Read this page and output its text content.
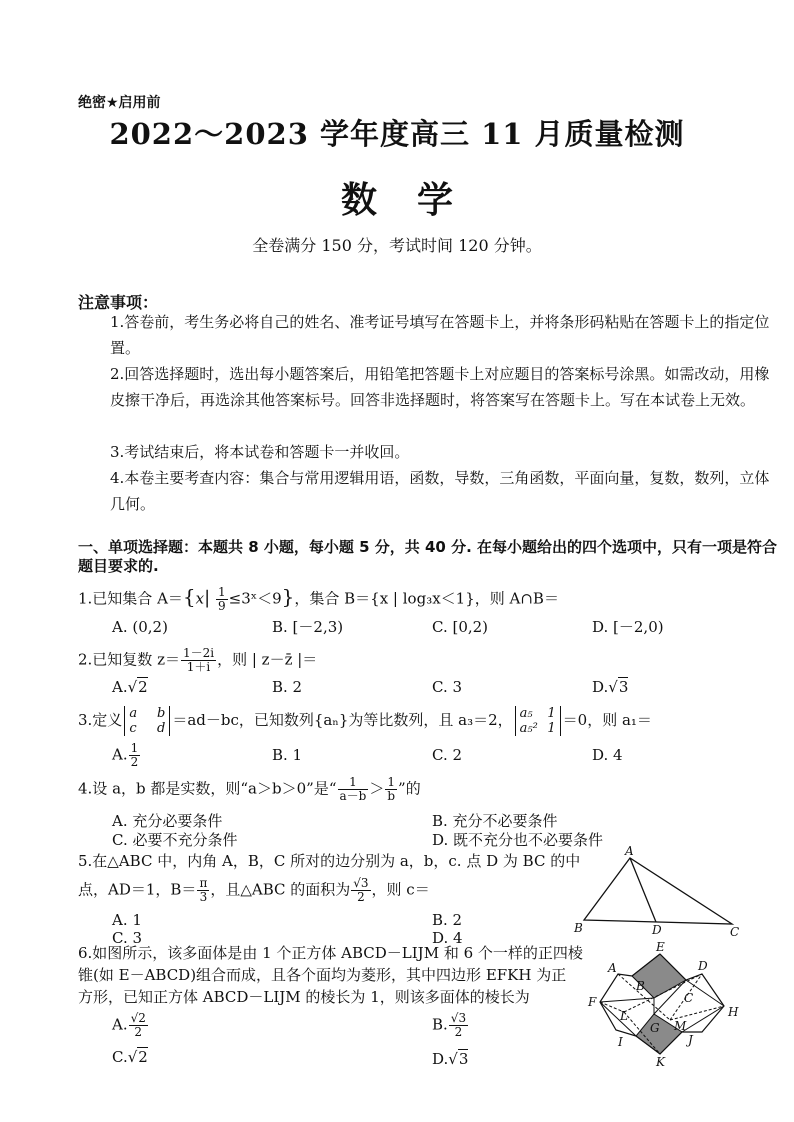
绝密★启用前
2022～2023 学年度高三 11 月质量检测
数学
全卷满分 150 分，考试时间 120 分钟。
注意事项：
1.答卷前，考生务必将自己的姓名、准考证号填写在答题卡上，并将条形码粘贴在答题卡上的指定位置。
2.回答选择题时，选出每小题答案后，用铅笔把答题卡上对应题目的答案标号涂黑。如需改动，用橡皮擦干净后，再选涂其他答案标号。回答非选择题时，将答案写在答题卡上。写在本试卷上无效。
3.考试结束后，将本试卷和答题卡一并收回。
4.本卷主要考查内容：集合与常用逻辑用语，函数，导数，三角函数，平面向量，复数，数列，立体几何。
一、单项选择题：本题共 8 小题，每小题 5 分，共 40 分. 在每小题给出的四个选项中，只有一项是符合题目要求的.
1.已知集合 $A=\{x| \frac{1}{9}$ ≤3ˣ＜9}，集合 B＝{x | log₃x＜1}，则 A∩B＝
A. (0,2)	B. [－2,3)	C. [0,2)	D. [－2,0)
2.已知复数 $z= \frac{1-2i}{1+i}$ ，则 | z－z̄ |＝
A.√2	B. 2	C. 3	D.√3
3.定义 a b
c d ＝ad－bc，已知数列{aₙ}为等比数列，且 a₃＝2， a₅ 1
a₅² 1 ＝0，则 a₁＝
A. $\frac{1}{2}$	B. 1	C. 2	D. 4
4.设 a，b 都是实数，则“a＞b＞0”是“ $\frac{1}{a-b} > \frac{1}{b}$ ”的
A. 充分必要条件	B. 充分不必要条件
C. 必要不充分条件	D. 既不充分也不必要条件
5.在△ABC 中，内角 A，B，C 所对的边分别为 a，b，c. 点 D 为 BC 的中
点，AD＝1，$B= \frac{\pi}{3}$ ，且△ABC 的面积为 $\frac{√3}{2}$ ，则 c＝
A. 1	B. 2
C. 3	D. 4
A
B	D	C
6.如图所示，该多面体是由 1 个正方体 ABCD－LIJM 和 6 个一样的正四棱
锥(如 E－ABCD)组合而成，且各个面均为菱形，其中四边形 EFKH 为正
方形，已知正方体 ABCD－LIJM 的棱长为 1，则该多面体的棱长为
A. $\frac{√2}{2}$	B. $\frac{√3}{2}$
C.√2	D.√3
E
A	D
B
C
F
H
L
M
G
I	J
K
